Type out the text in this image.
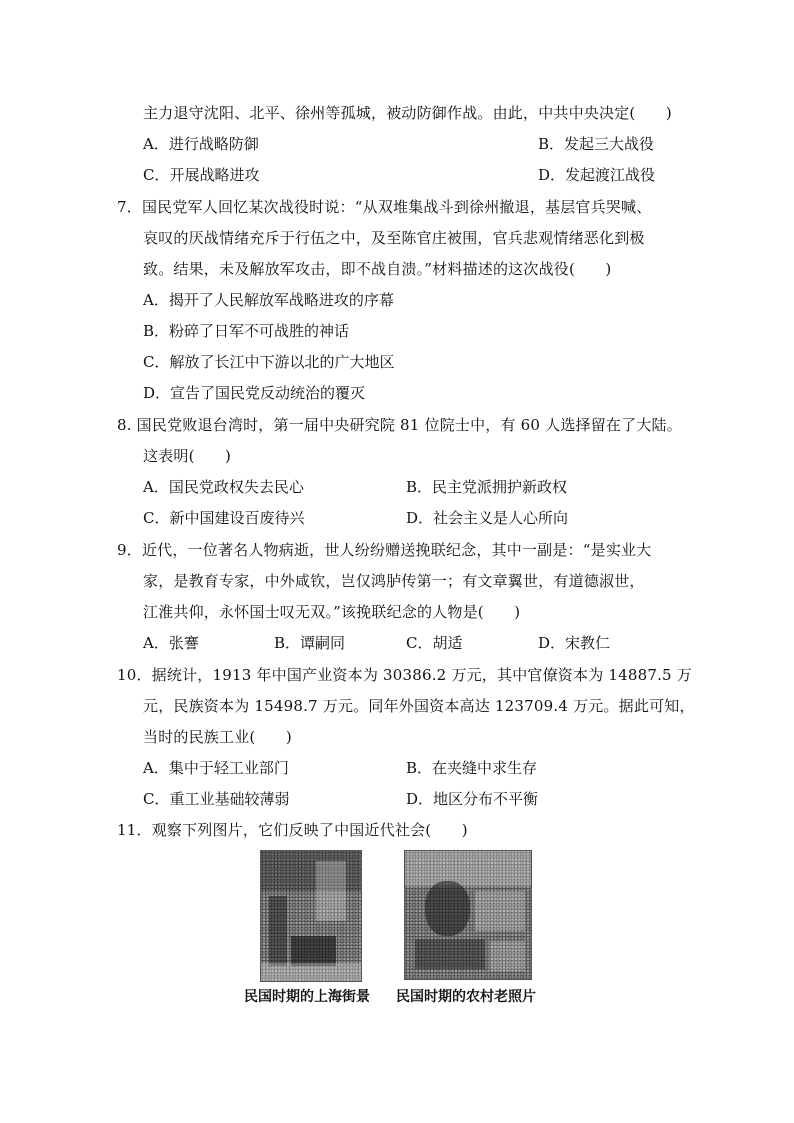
主力退守沈阳、北平、徐州等孤城，被动防御作战。由此，中共中央决定(　　)
A．进行战略防御	B．发起三大战役
C．开展战略进攻	D．发起渡江战役
7．国民党军人回忆某次战役时说：“从双堆集战斗到徐州撤退，基层官兵哭喊、
哀叹的厌战情绪充斥于行伍之中，及至陈官庄被围，官兵悲观情绪恶化到极
致。结果，未及解放军攻击，即不战自溃。”材料描述的这次战役(　　)
A．揭开了人民解放军战略进攻的序幕
B．粉碎了日军不可战胜的神话
C．解放了长江中下游以北的广大地区
D．宣告了国民党反动统治的覆灭
8. 国民党败退台湾时，第一届中央研究院 81 位院士中，有 60 人选择留在了大陆。
这表明(　　)
A．国民党政权失去民心	B．民主党派拥护新政权
C．新中国建设百废待兴	D．社会主义是人心所向
9．近代，一位著名人物病逝，世人纷纷赠送挽联纪念，其中一副是：“是实业大
家，是教育专家，中外咸钦，岂仅鸿胪传第一；有文章翼世，有道德淑世，
江淮共仰，永怀国士叹无双。”该挽联纪念的人物是(　　)
A．张謇	B．谭嗣同	C．胡适	D．宋教仁
10．据统计，1913 年中国产业资本为 30386.2 万元，其中官僚资本为 14887.5 万
元，民族资本为 15498.7 万元。同年外国资本高达 123709.4 万元。据此可知，
当时的民族工业(　　)
A．集中于轻工业部门	B．在夹缝中求生存
C．重工业基础较薄弱	D．地区分布不平衡
11．观察下列图片，它们反映了中国近代社会(　　)
民国时期的上海街景 民国时期的农村老照片
